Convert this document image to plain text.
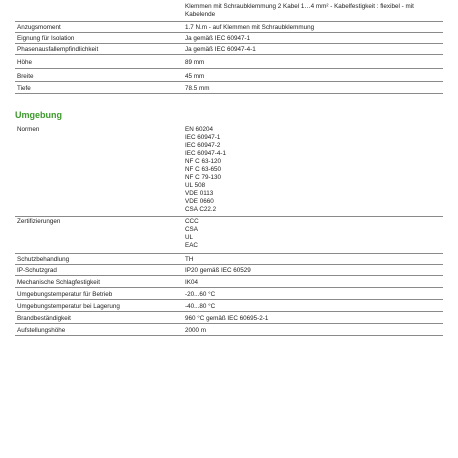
Klemmen mit Schraubklemmung 2 Kabel 1…4 mm² - Kabelfestigkeit : flexibel - mit
Kabelende
Anzugsmoment	1.7 N.m - auf Klemmen mit Schraubklemmung
Eignung für Isolation	Ja gemäß IEC 60947-1
Phasenausfallempfindlichkeit	Ja gemäß IEC 60947-4-1
Höhe	89 mm
Breite	45 mm
Tiefe	78.5 mm
Umgebung
Normen	EN 60204
IEC 60947-1
IEC 60947-2
IEC 60947-4-1
NF C 63-120
NF C 63-650
NF C 79-130
UL 508
VDE 0113
VDE 0660
CSA C22.2
Zertifizierungen	CCC
CSA
UL
EAC
Schutzbehandlung	TH
IP-Schutzgrad	IP20 gemäß IEC 60529
Mechanische Schlagfestigkeit	IK04
Umgebungstemperatur für Betrieb	-20...60 °C
Umgebungstemperatur bei Lagerung	-40...80 °C
Brandbeständigkeit	960 °C gemäß IEC 60695-2-1
Aufstellungshöhe	2000 m
